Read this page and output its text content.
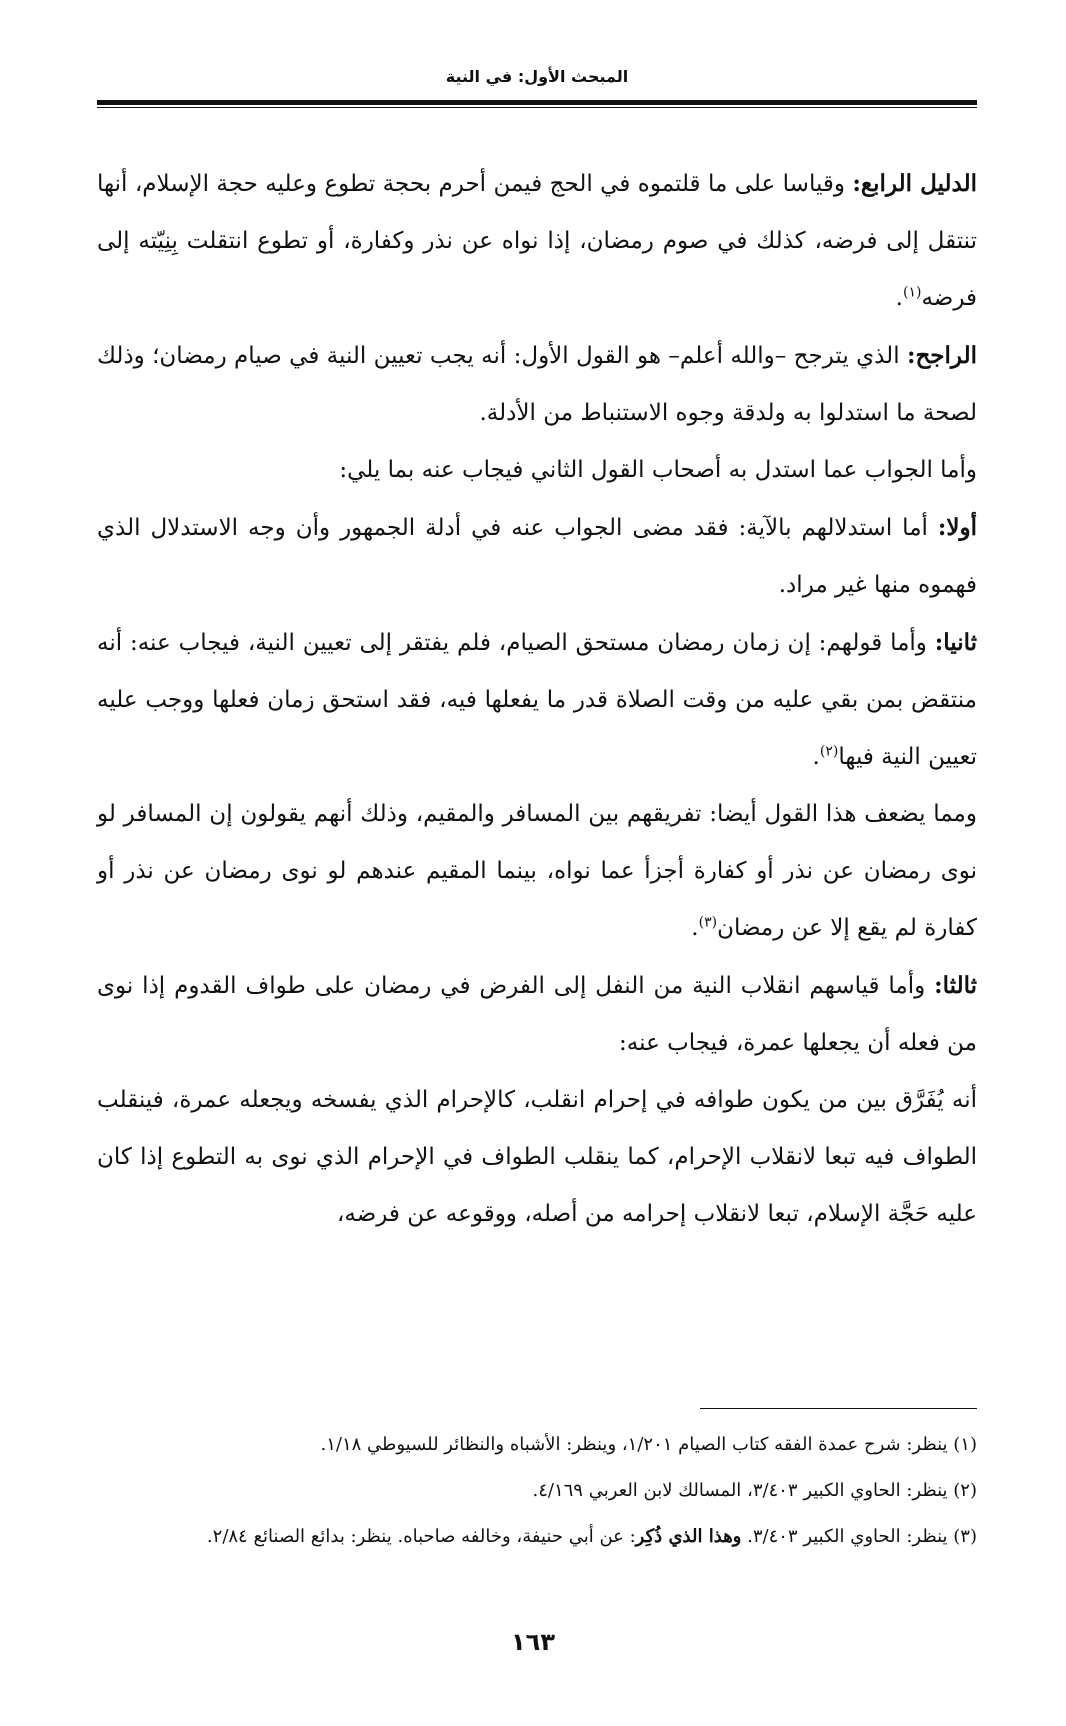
المبحث الأول: في النية

الدليل الرابع: وقياسا على ما قلتموه في الحج فيمن أحرم بحجة تطوع وعليه حجة الإسلام، أنها تنتقل إلى فرضه، كذلك في صوم رمضان، إذا نواه عن نذر وكفارة، أو تطوع انتقلت بِنِيّته إلى فرضه$^{(١)}$.

الراجح: الذي يترجح –والله أعلم– هو القول الأول: أنه يجب تعيين النية في صيام رمضان؛ وذلك لصحة ما استدلوا به ولدقة وجوه الاستنباط من الأدلة.

وأما الجواب عما استدل به أصحاب القول الثاني فيجاب عنه بما يلي:

أولا: أما استدلالهم بالآية: فقد مضى الجواب عنه في أدلة الجمهور وأن وجه الاستدلال الذي فهموه منها غير مراد.

ثانيا: وأما قولهم: إن زمان رمضان مستحق الصيام، فلم يفتقر إلى تعيين النية، فيجاب عنه: أنه منتقض بمن بقي عليه من وقت الصلاة قدر ما يفعلها فيه، فقد استحق زمان فعلها ووجب عليه تعيين النية فيها$^{(٢)}$.

ومما يضعف هذا القول أيضا: تفريقهم بين المسافر والمقيم، وذلك أنهم يقولون إن المسافر لو نوى رمضان عن نذر أو كفارة أجزأ عما نواه، بينما المقيم عندهم لو نوى رمضان عن نذر أو كفارة لم يقع إلا عن رمضان$^{(٣)}$.

ثالثا: وأما قياسهم انقلاب النية من النفل إلى الفرض في رمضان على طواف القدوم إذا نوى من فعله أن يجعلها عمرة، فيجاب عنه:

أنه يُفَرَّق بين من يكون طوافه في إحرام انقلب، كالإحرام الذي يفسخه ويجعله عمرة، فينقلب الطواف فيه تبعا لانقلاب الإحرام، كما ينقلب الطواف في الإحرام الذي نوى به التطوع إذا كان عليه حَجَّة الإسلام، تبعا لانقلاب إحرامه من أصله، ووقوعه عن فرضه،

(١) ينظر: شرح عمدة الفقه كتاب الصيام ١/٢٠١، وينظر: الأشباه والنظائر للسيوطي ١/١٨.

(٢) ينظر: الحاوي الكبير ٣/٤٠٣، المسالك لابن العربي ٤/١٦٩.

(٣) ينظر: الحاوي الكبير ٣/٤٠٣. وهذا الذي ذُكِر: عن أبي حنيفة، وخالفه صاحباه. ينظر: بدائع الصنائع ٢/٨٤.

١٦٣
